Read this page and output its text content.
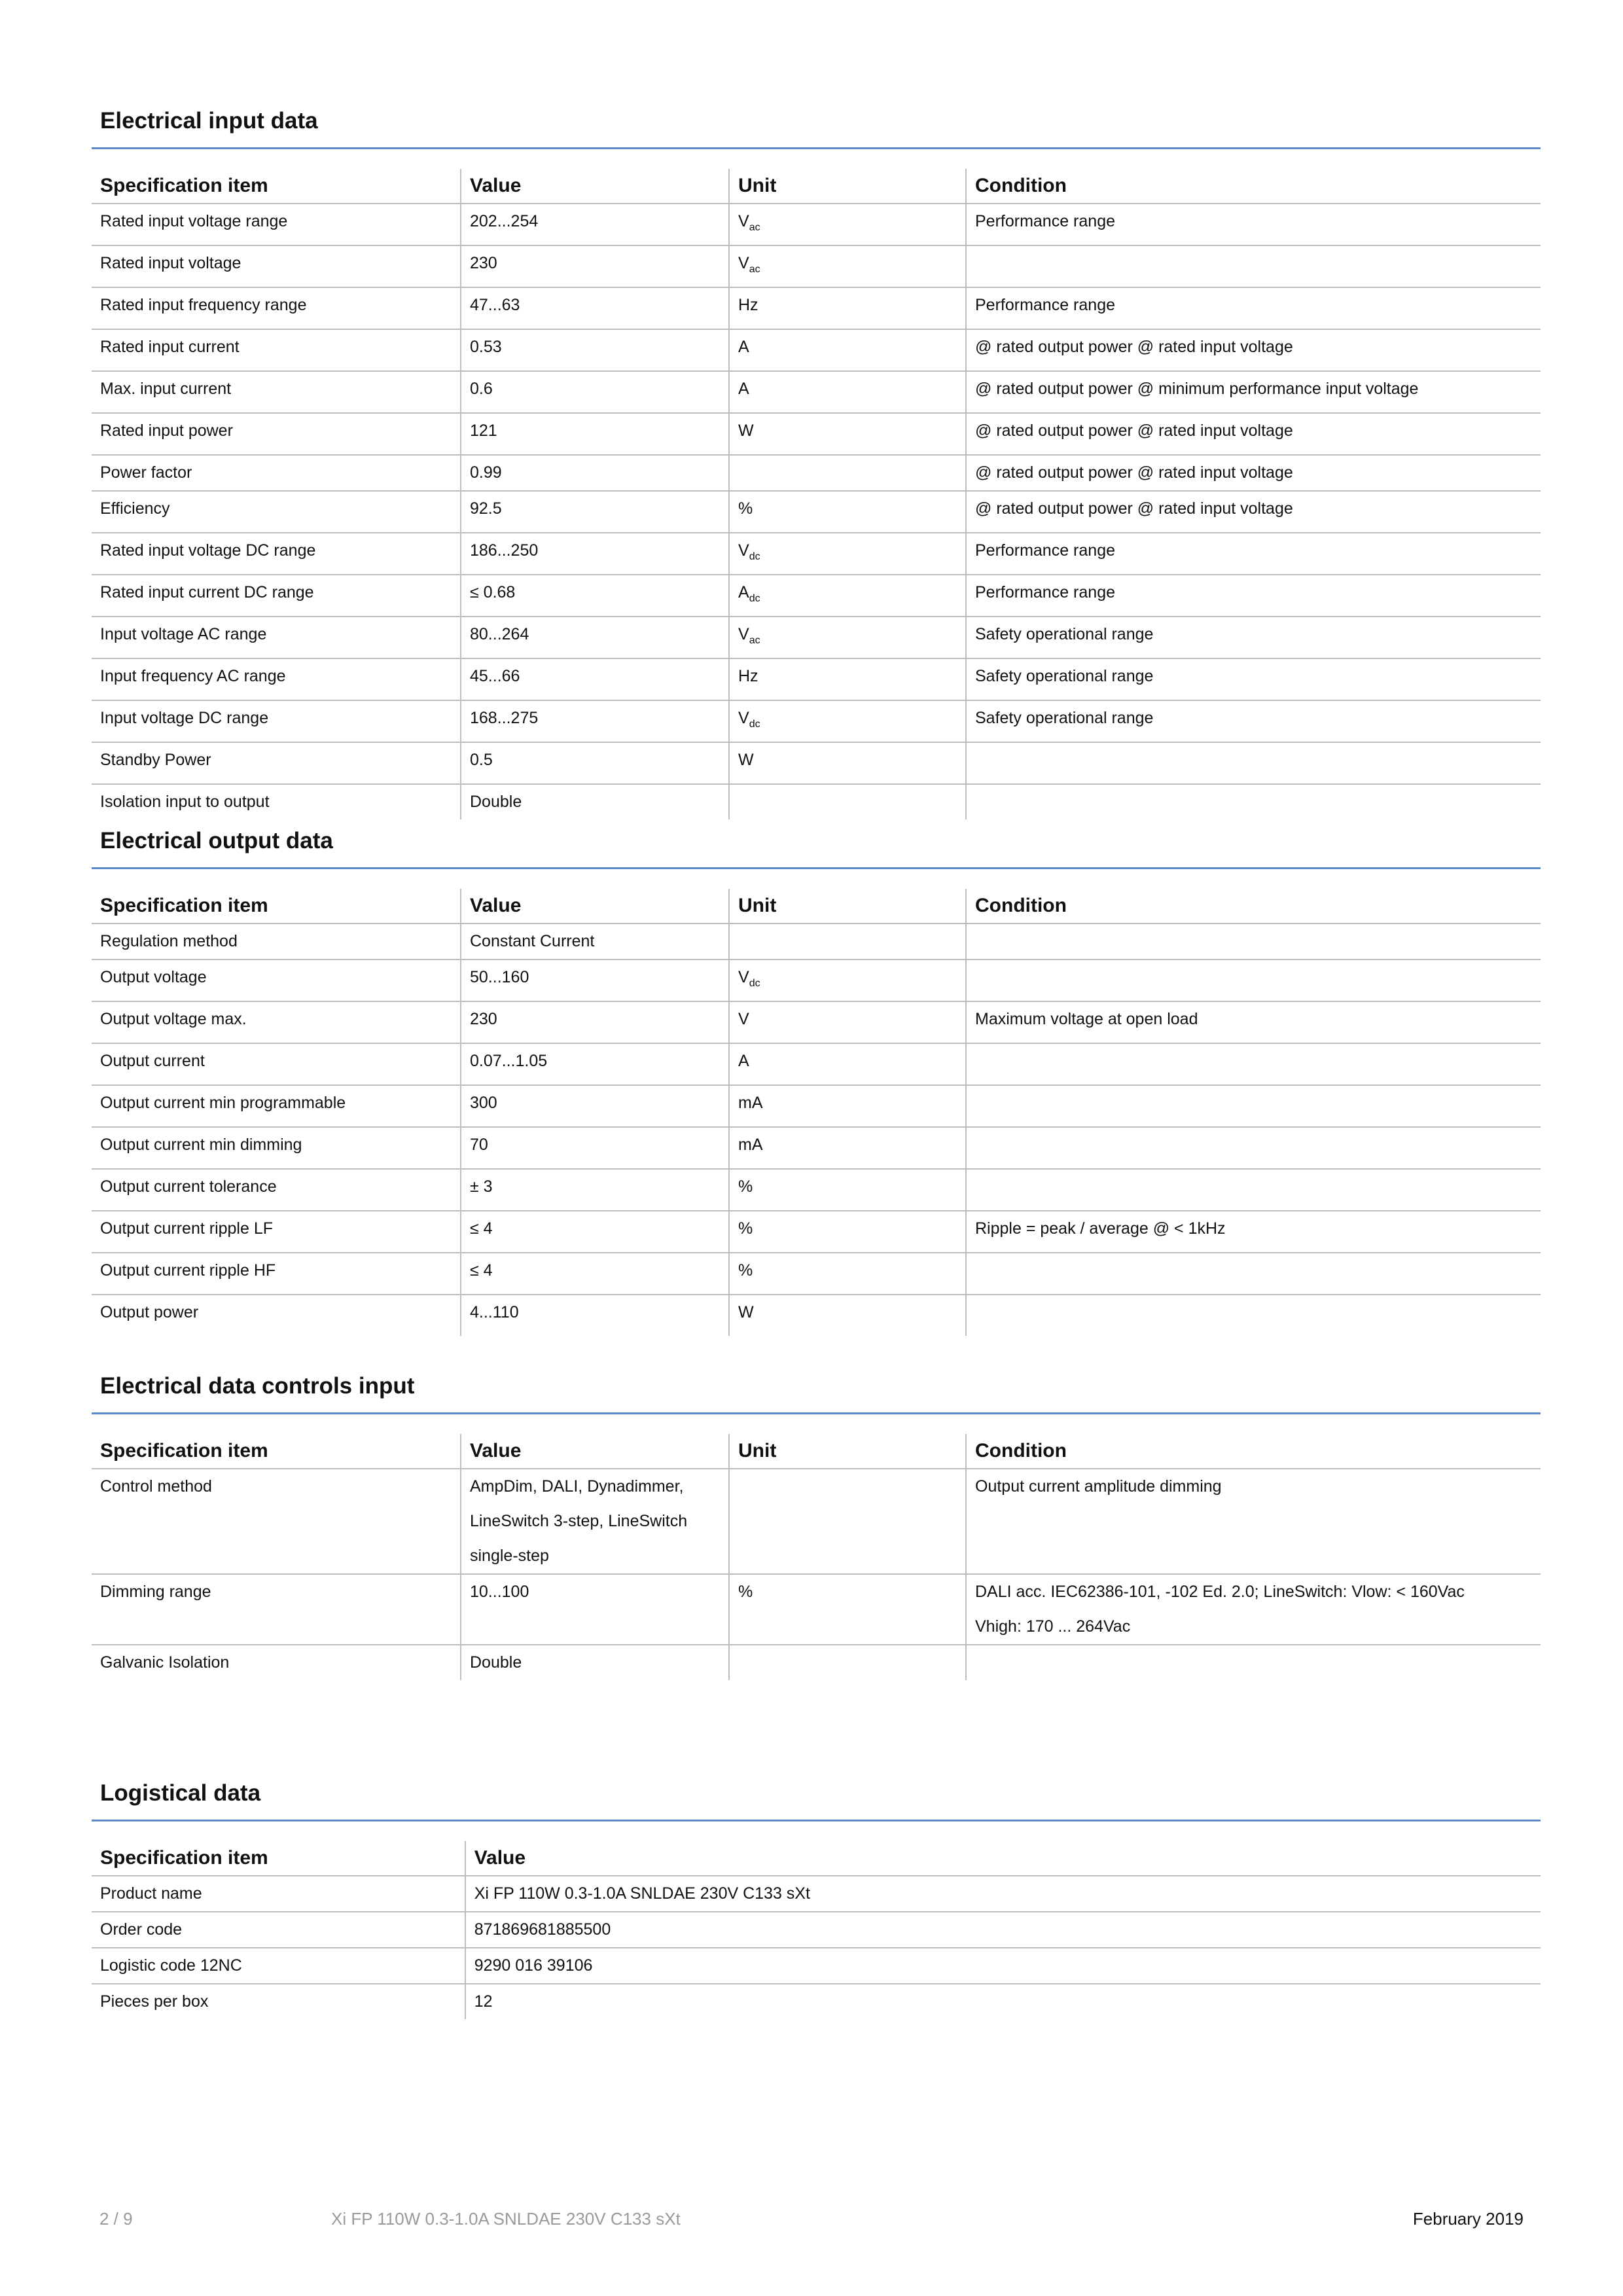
Electrical input data
Specification item	Value	Unit	Condition
Rated input voltage range	202...254	$V_{ac}$	Performance range
Rated input voltage	230	$V_{ac}$	
Rated input frequency range	47...63	Hz	Performance range
Rated input current	0.53	A	@ rated output power @ rated input voltage
Max. input current	0.6	A	@ rated output power @ minimum performance input voltage
Rated input power	121	W	@ rated output power @ rated input voltage
Power factor	0.99		@ rated output power @ rated input voltage
Efficiency	92.5	%	@ rated output power @ rated input voltage
Rated input voltage DC range	186...250	$V_{dc}$	Performance range
Rated input current DC range	≤ 0.68	$A_{dc}$	Performance range
Input voltage AC range	80...264	$V_{ac}$	Safety operational range
Input frequency AC range	45...66	Hz	Safety operational range
Input voltage DC range	168...275	$V_{dc}$	Safety operational range
Standby Power	0.5	W	
Isolation input to output	Double		
Electrical output data
Specification item	Value	Unit	Condition
Regulation method	Constant Current		
Output voltage	50...160	$V_{dc}$	
Output voltage max.	230	V	Maximum voltage at open load
Output current	0.07...1.05	A	
Output current min programmable	300	mA	
Output current min dimming	70	mA	
Output current tolerance	± 3	%	
Output current ripple LF	≤ 4	%	Ripple = peak / average @ < 1kHz
Output current ripple HF	≤ 4	%	
Output power	4...110	W	
Electrical data controls input
Specification item	Value	Unit	Condition
Control method	AmpDim, DALI, Dynadimmer,
LineSwitch 3-step, LineSwitch
single-step		Output current amplitude dimming
Dimming range	10...100	%	DALI acc. IEC62386-101, -102 Ed. 2.0; LineSwitch: Vlow: < 160Vac
Vhigh: 170 ... 264Vac
Galvanic Isolation	Double		
Logistical data
Specification item	Value
Product name	Xi FP 110W 0.3-1.0A SNLDAE 230V C133 sXt
Order code	871869681885500
Logistic code 12NC	9290 016 39106
Pieces per box	12
2 / 9	Xi FP 110W 0.3-1.0A SNLDAE 230V C133 sXt	February 2019
